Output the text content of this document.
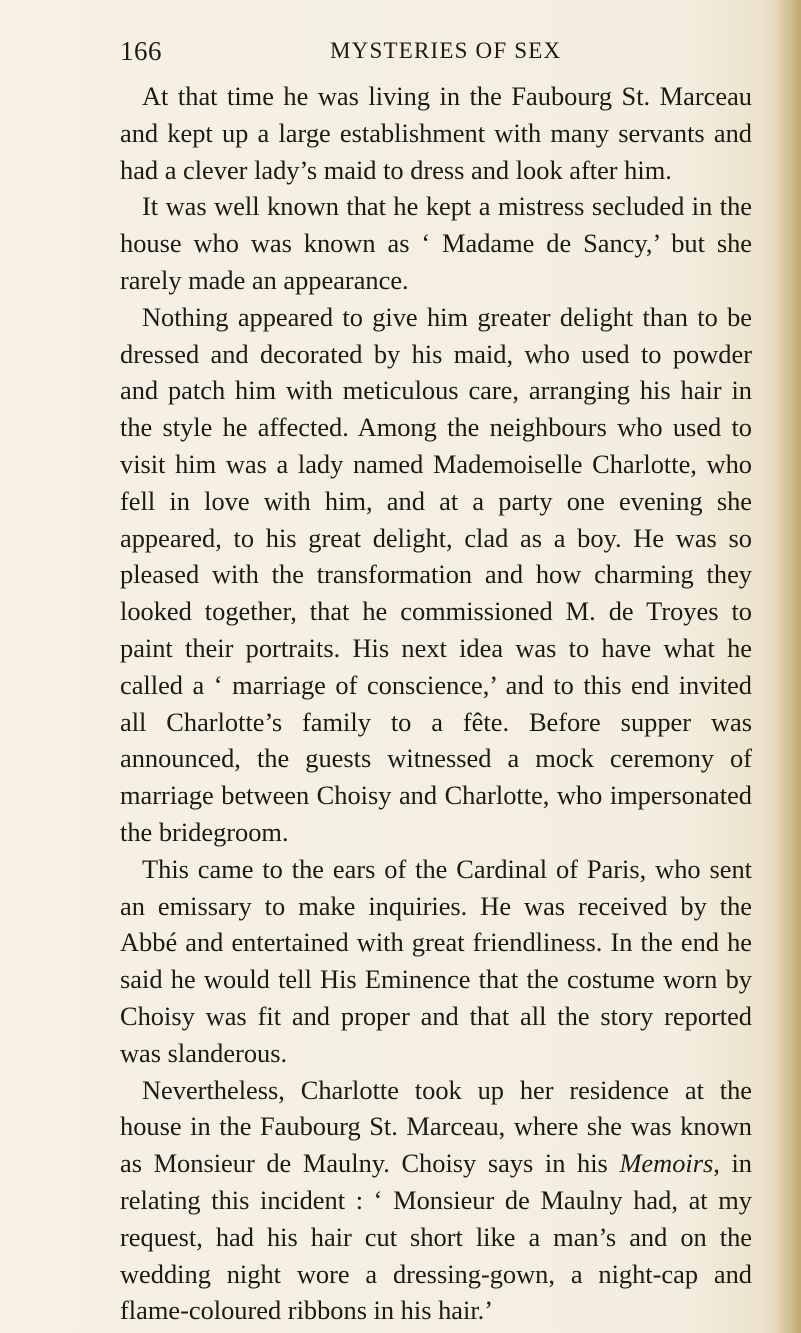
166	MYSTERIES OF SEX

At that time he was living in the Faubourg St. Marceau and kept up a large establishment with many servants and had a clever lady’s maid to dress and look after him.

It was well known that he kept a mistress secluded in the house who was known as ‘ Madame de Sancy,’ but she rarely made an appearance.

Nothing appeared to give him greater delight than to be dressed and decorated by his maid, who used to powder and patch him with meticulous care, arranging his hair in the style he affected. Among the neighbours who used to visit him was a lady named Mademoiselle Charlotte, who fell in love with him, and at a party one evening she appeared, to his great delight, clad as a boy. He was so pleased with the transformation and how charming they looked together, that he commissioned M. de Troyes to paint their portraits. His next idea was to have what he called a ‘ marriage of conscience,’ and to this end invited all Charlotte’s family to a fête. Before supper was announced, the guests witnessed a mock ceremony of marriage between Choisy and Charlotte, who impersonated the bridegroom.

This came to the ears of the Cardinal of Paris, who sent an emissary to make inquiries. He was received by the Abbé and entertained with great friendliness. In the end he said he would tell His Eminence that the costume worn by Choisy was fit and proper and that all the story reported was slanderous.

Nevertheless, Charlotte took up her residence at the house in the Faubourg St. Marceau, where she was known as Monsieur de Maulny. Choisy says in his Memoirs, in relating this incident : ‘ Monsieur de Maulny had, at my request, had his hair cut short like a man’s and on the wedding night wore a dressing-gown, a night-cap and flame-coloured ribbons in his hair.’
